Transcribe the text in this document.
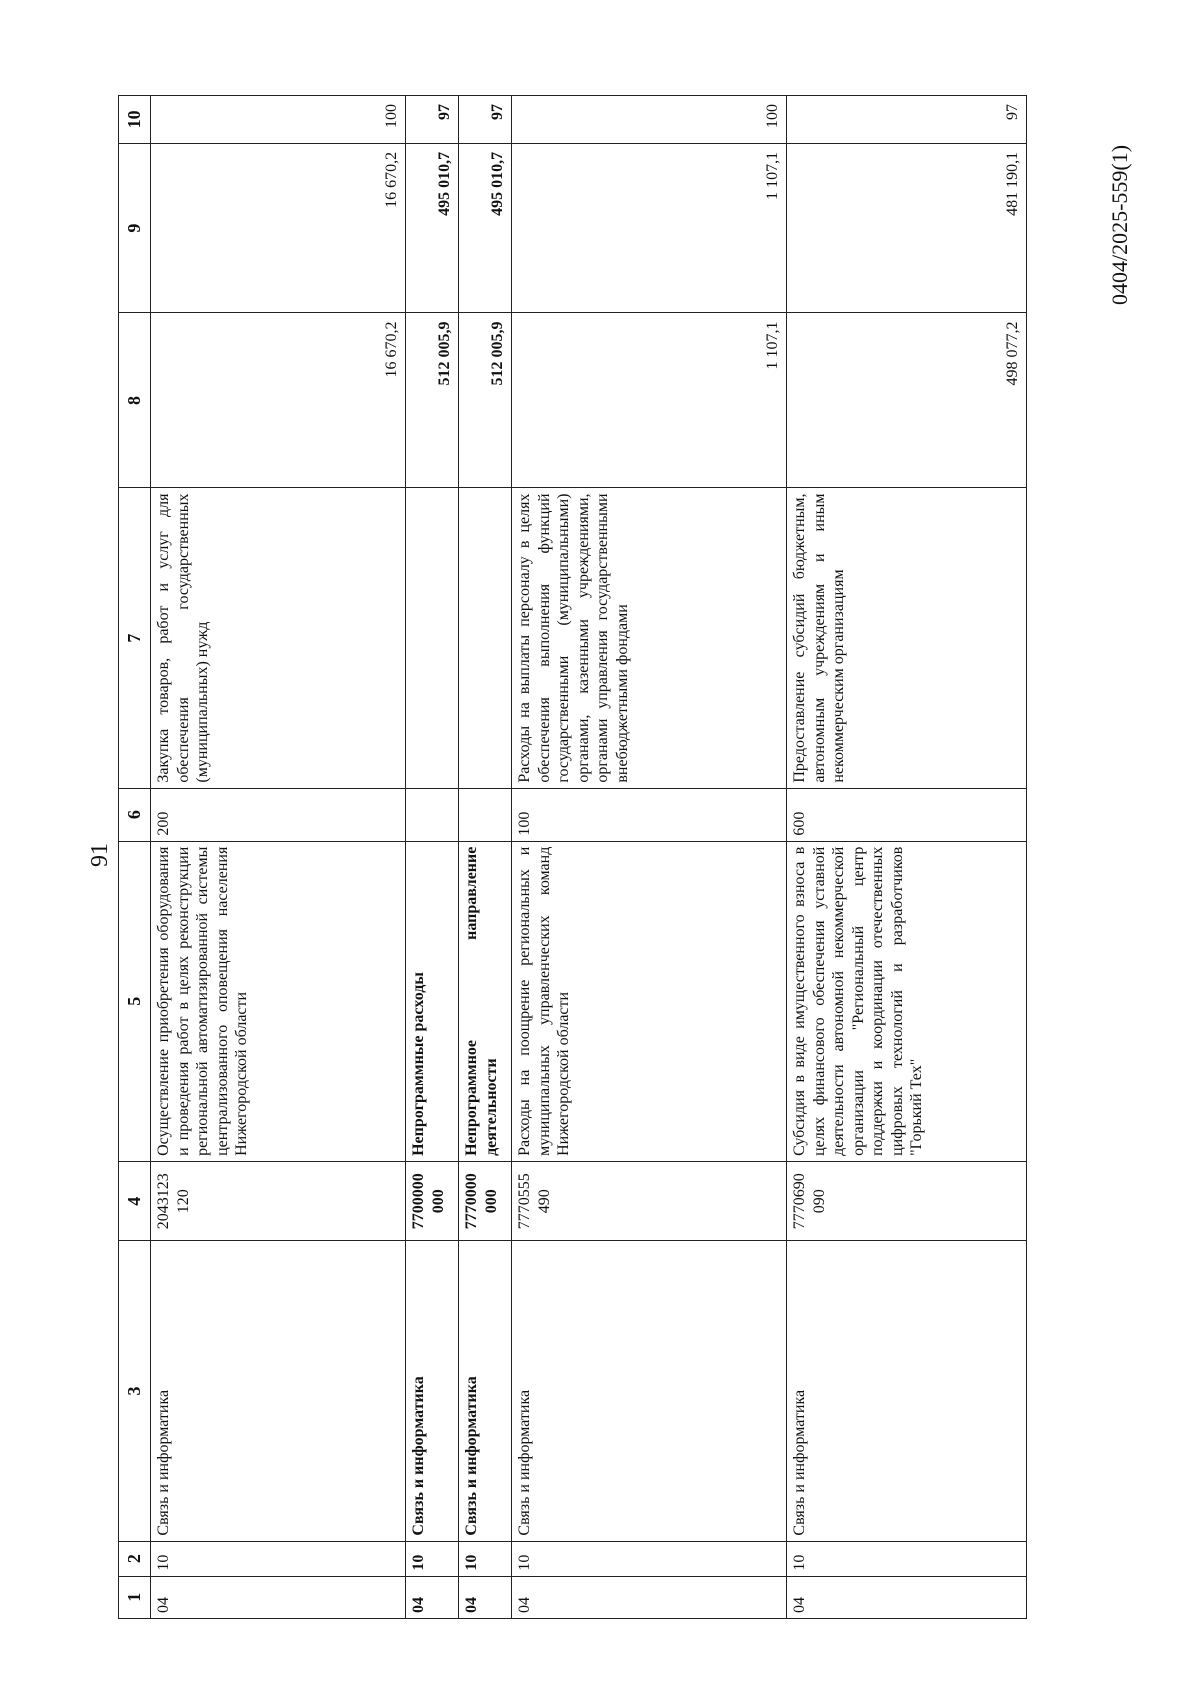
91
0404/2025-559(1)
1	2	3	4	5	6	7	8	9	10
04	10	Связь и информатика	2043123 120	Осуществление приобретения оборудования и проведения работ в целях реконструкции региональной автоматизированной системы централизованного оповещения населения Нижегородской области	200	Закупка товаров, работ и услуг для обеспечения государственных (муниципальных) нужд	16 670,2	16 670,2	100
04	10	Связь и информатика	7700000 000	Непрограммные расходы			512 005,9	495 010,7	97
04	10	Связь и информатика	7770000 000	Непрограммное направление деятельности			512 005,9	495 010,7	97
04	10	Связь и информатика	7770555 490	Расходы на поощрение региональных и муниципальных управленческих команд Нижегородской области	100	Расходы на выплаты персоналу в целях обеспечения выполнения функций государственными (муниципальными) органами, казенными учреждениями, органами управления государственными внебюджетными фондами	1 107,1	1 107,1	100
04	10	Связь и информатика	7770690 090	Субсидия в виде имущественного взноса в целях финансового обеспечения уставной деятельности автономной некоммерческой организации "Региональный центр поддержки и координации отечественных цифровых технологий и разработчиков "Горький Тех"	600	Предоставление субсидий бюджетным, автономным учреждениям и иным некоммерческим организациям	498 077,2	481 190,1	97
